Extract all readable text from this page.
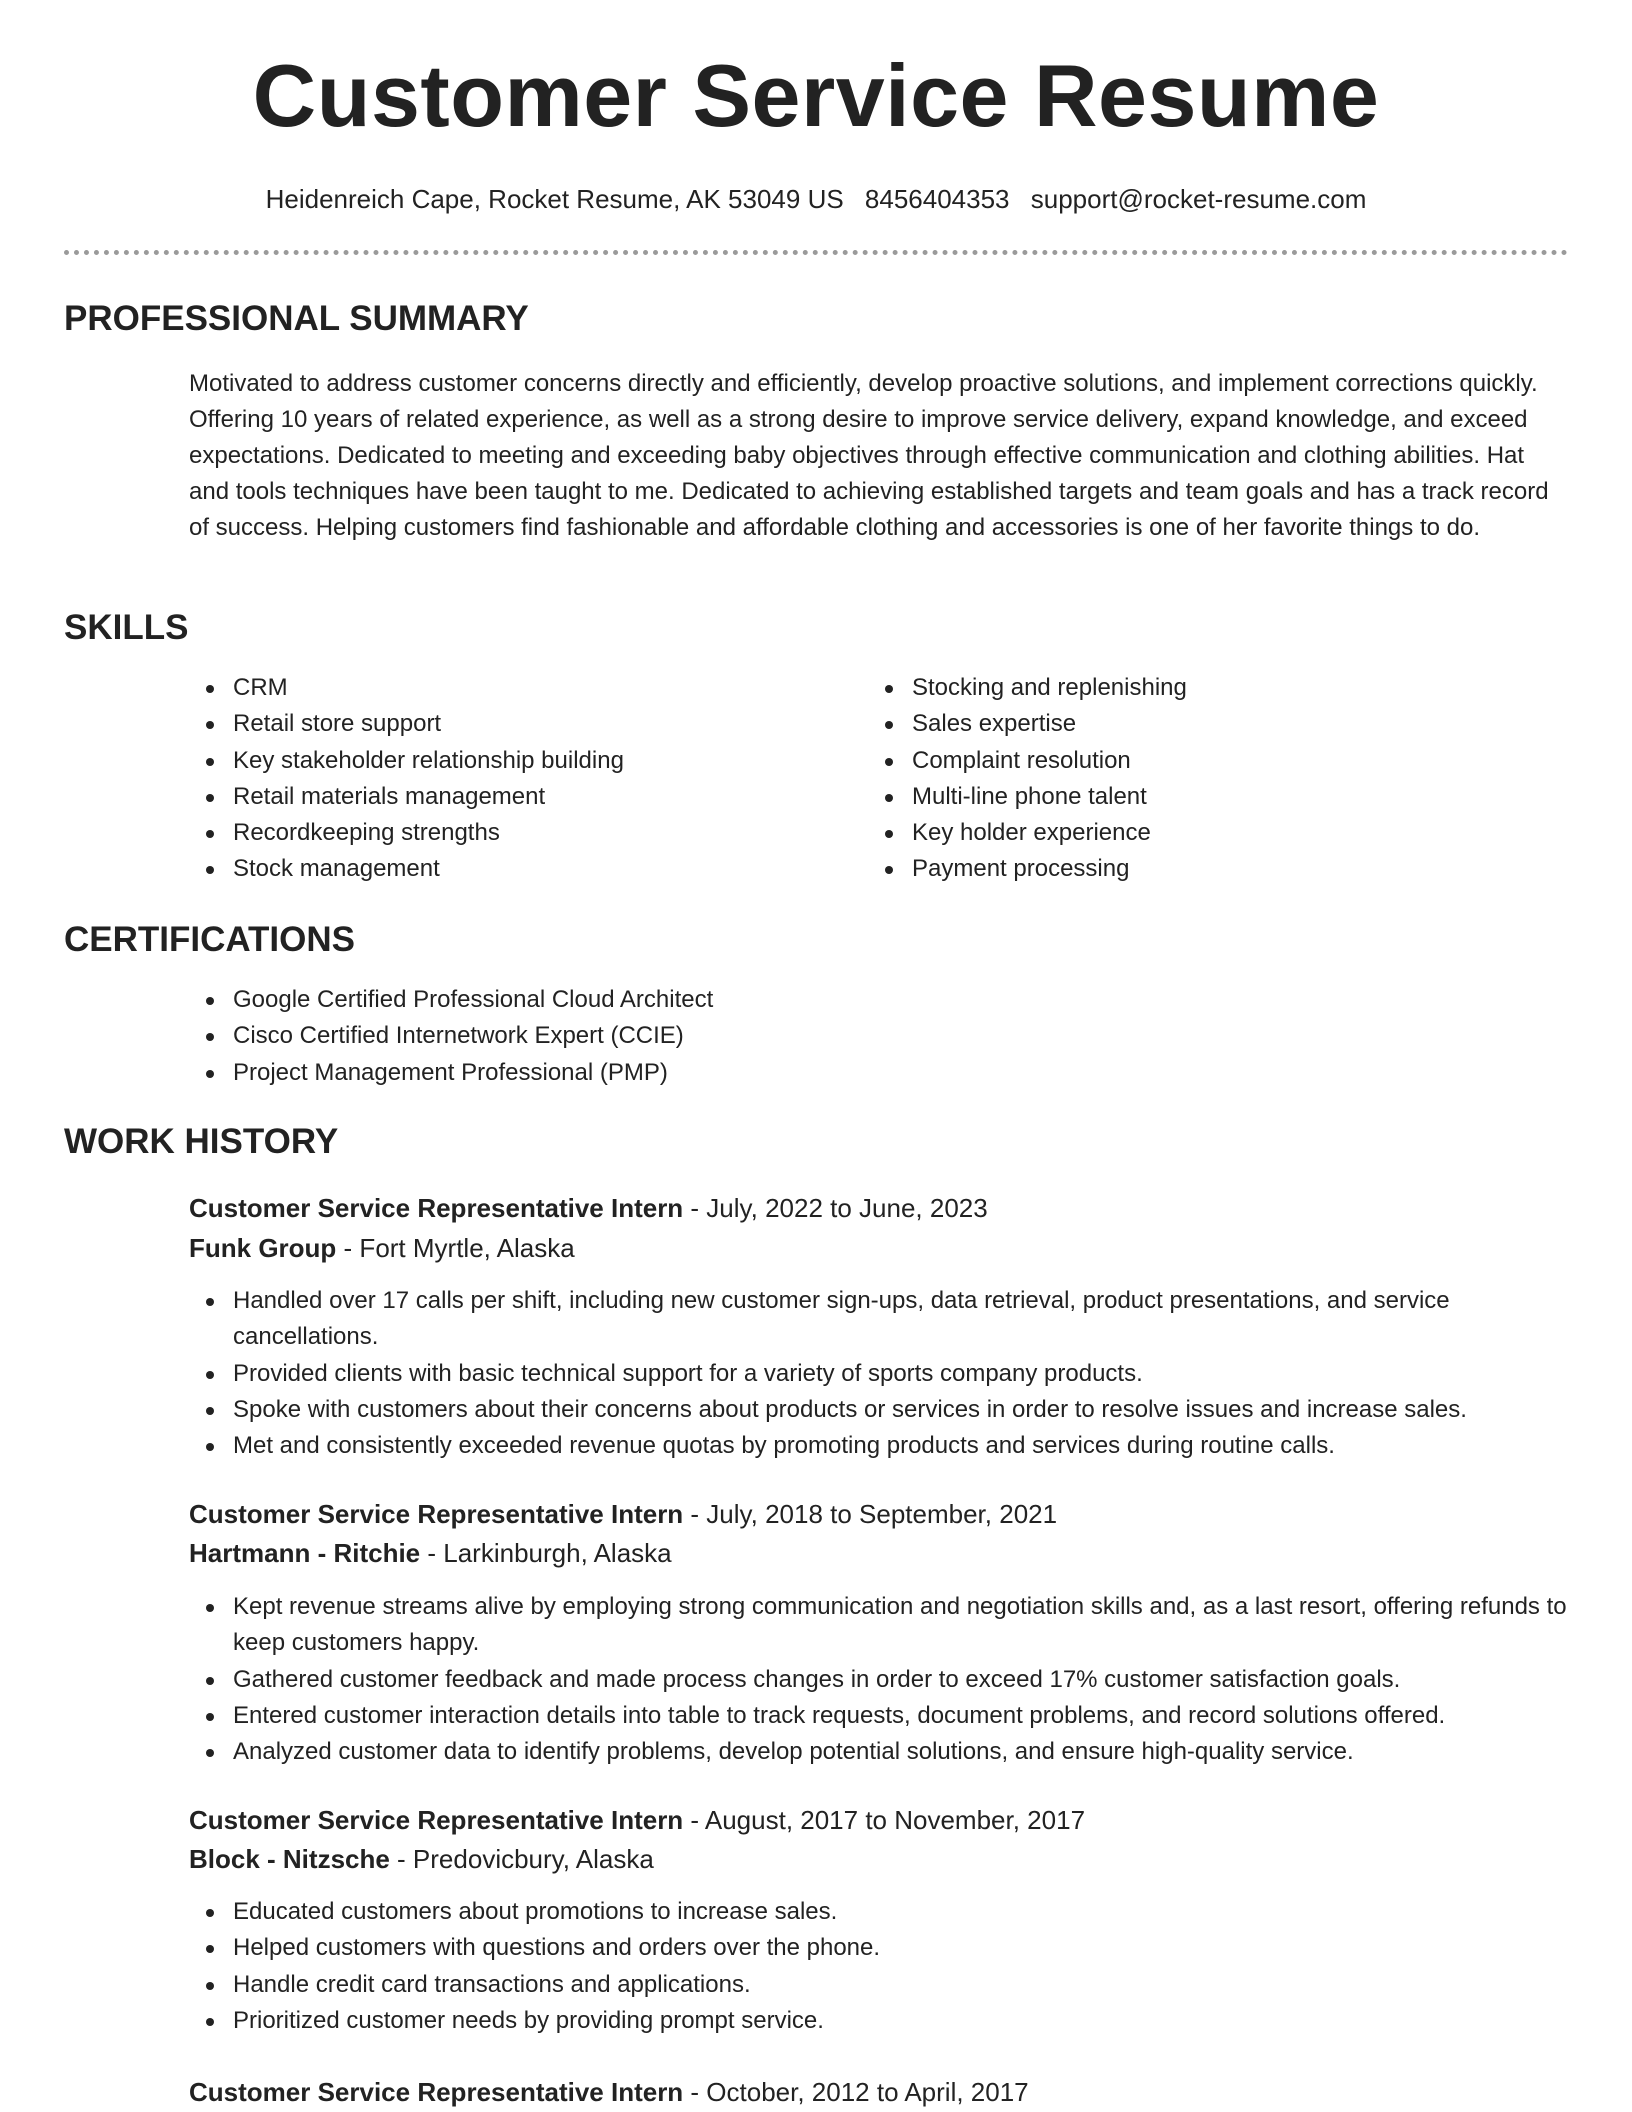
Customer Service Resume
Heidenreich Cape, Rocket Resume, AK 53049 US 8456404353 support@rocket-resume.com
PROFESSIONAL SUMMARY
Motivated to address customer concerns directly and efficiently, develop proactive solutions, and implement corrections quickly. Offering 10 years of related experience, as well as a strong desire to improve service delivery, expand knowledge, and exceed expectations. Dedicated to meeting and exceeding baby objectives through effective communication and clothing abilities. Hat and tools techniques have been taught to me. Dedicated to achieving established targets and team goals and has a track record of success. Helping customers find fashionable and affordable clothing and accessories is one of her favorite things to do.
SKILLS
CRM
Retail store support
Key stakeholder relationship building
Retail materials management
Recordkeeping strengths
Stock management
Stocking and replenishing
Sales expertise
Complaint resolution
Multi-line phone talent
Key holder experience
Payment processing
CERTIFICATIONS
Google Certified Professional Cloud Architect
Cisco Certified Internetwork Expert (CCIE)
Project Management Professional (PMP)
WORK HISTORY
Customer Service Representative Intern - July, 2022 to June, 2023
Funk Group - Fort Myrtle, Alaska
Handled over 17 calls per shift, including new customer sign-ups, data retrieval, product presentations, and service cancellations.
Provided clients with basic technical support for a variety of sports company products.
Spoke with customers about their concerns about products or services in order to resolve issues and increase sales.
Met and consistently exceeded revenue quotas by promoting products and services during routine calls.
Customer Service Representative Intern - July, 2018 to September, 2021
Hartmann - Ritchie - Larkinburgh, Alaska
Kept revenue streams alive by employing strong communication and negotiation skills and, as a last resort, offering refunds to keep customers happy.
Gathered customer feedback and made process changes in order to exceed 17% customer satisfaction goals.
Entered customer interaction details into table to track requests, document problems, and record solutions offered.
Analyzed customer data to identify problems, develop potential solutions, and ensure high-quality service.
Customer Service Representative Intern - August, 2017 to November, 2017
Block - Nitzsche - Predovicbury, Alaska
Educated customers about promotions to increase sales.
Helped customers with questions and orders over the phone.
Handle credit card transactions and applications.
Prioritized customer needs by providing prompt service.
Customer Service Representative Intern - October, 2012 to April, 2017
